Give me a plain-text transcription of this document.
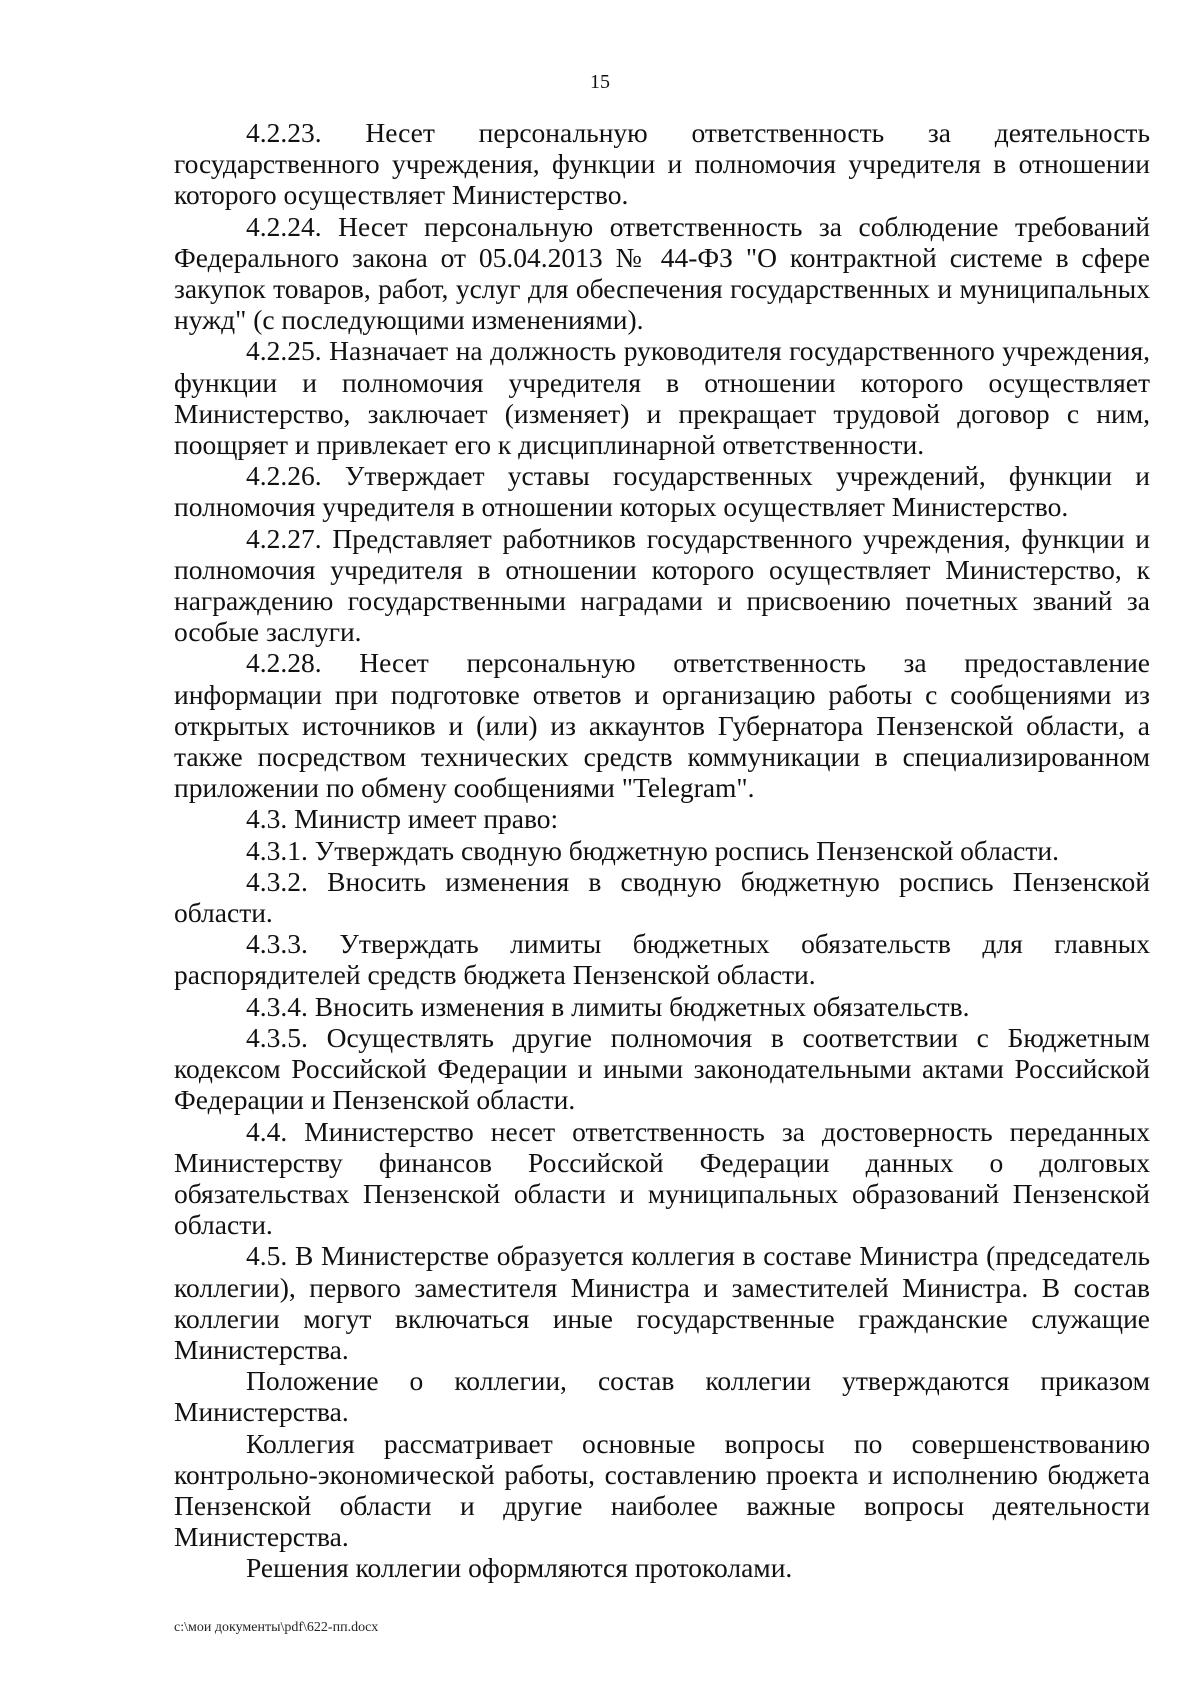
15

4.2.23. Несет персональную ответственность за деятельность государственного учреждения, функции и полномочия учредителя в отношении которого осуществляет Министерство.

4.2.24. Несет персональную ответственность за соблюдение требований Федерального закона от 05.04.2013 № 44-ФЗ "О контрактной системе в сфере закупок товаров, работ, услуг для обеспечения государственных и муниципальных нужд" (с последующими изменениями).

4.2.25. Назначает на должность руководителя государственного учреждения, функции и полномочия учредителя в отношении которого осуществляет Министерство, заключает (изменяет) и прекращает трудовой договор с ним, поощряет и привлекает его к дисциплинарной ответственности.

4.2.26. Утверждает уставы государственных учреждений, функции и полномочия учредителя в отношении которых осуществляет Министерство.

4.2.27. Представляет работников государственного учреждения, функции и полномочия учредителя в отношении которого осуществляет Министерство, к награждению государственными наградами и присвоению почетных званий за особые заслуги.

4.2.28. Несет персональную ответственность за предоставление информации при подготовке ответов и организацию работы с сообщениями из открытых источников и (или) из аккаунтов Губернатора Пензенской области, а также посредством технических средств коммуникации в специализированном приложении по обмену сообщениями "Telegram".

4.3. Министр имеет право:

4.3.1. Утверждать сводную бюджетную роспись Пензенской области.

4.3.2. Вносить изменения в сводную бюджетную роспись Пензенской области.

4.3.3. Утверждать лимиты бюджетных обязательств для главных распорядителей средств бюджета Пензенской области.

4.3.4. Вносить изменения в лимиты бюджетных обязательств.

4.3.5. Осуществлять другие полномочия в соответствии с Бюджетным кодексом Российской Федерации и иными законодательными актами Российской Федерации и Пензенской области.

4.4. Министерство несет ответственность за достоверность переданных Министерству финансов Российской Федерации данных о долговых обязательствах Пензенской области и муниципальных образований Пензенской области.

4.5. В Министерстве образуется коллегия в составе Министра (председатель коллегии), первого заместителя Министра и заместителей Министра. В состав коллегии могут включаться иные государственные гражданские служащие Министерства.

Положение о коллегии, состав коллегии утверждаются приказом Министерства.

Коллегия рассматривает основные вопросы по совершенствованию контрольно-экономической работы, составлению проекта и исполнению бюджета Пензенской области и другие наиболее важные вопросы деятельности Министерства.

Решения коллегии оформляются протоколами.

c:\мои документы\pdf\622-пп.docx
